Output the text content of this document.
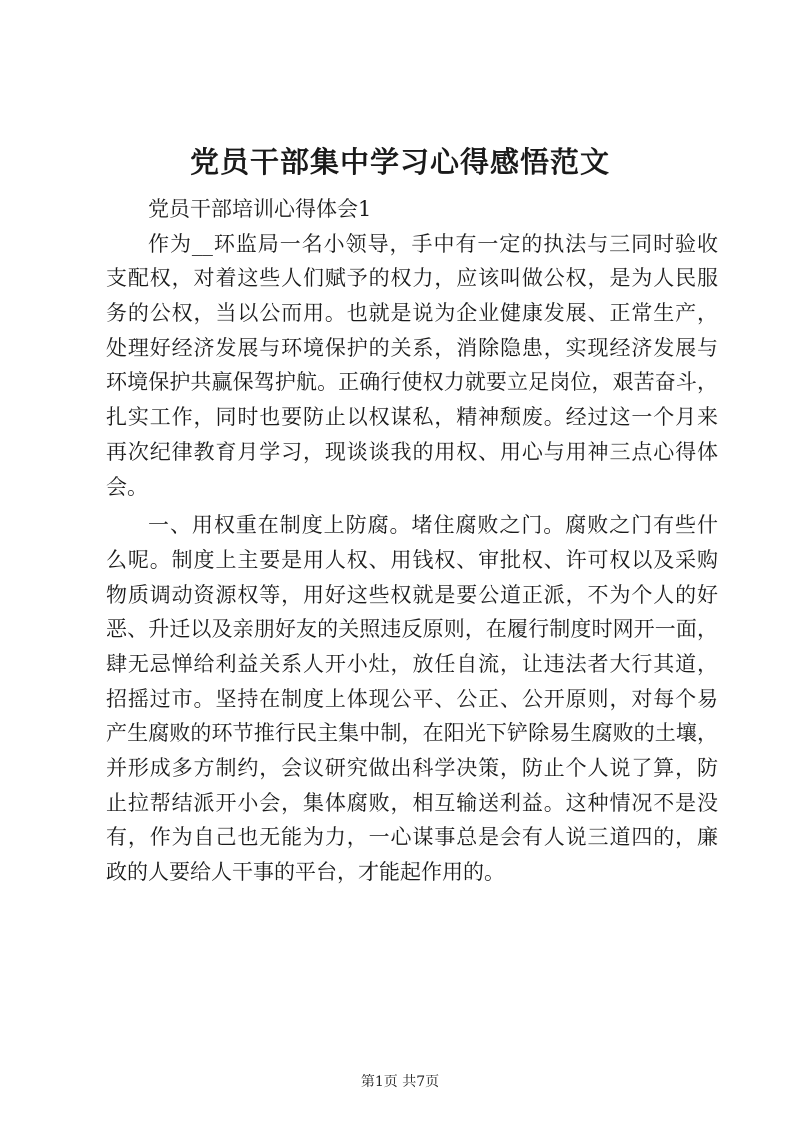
党员干部集中学习心得感悟范文
党员干部培训心得体会1
作为__环监局一名小领导，手中有一定的执法与三同时验收
支配权，对着这些人们赋予的权力，应该叫做公权，是为人民服
务的公权，当以公而用。也就是说为企业健康发展、正常生产，
处理好经济发展与环境保护的关系，消除隐患，实现经济发展与
环境保护共赢保驾护航。正确行使权力就要立足岗位，艰苦奋斗，
扎实工作，同时也要防止以权谋私，精神颓废。经过这一个月来
再次纪律教育月学习，现谈谈我的用权、用心与用神三点心得体
会。
一、用权重在制度上防腐。堵住腐败之门。腐败之门有些什
么呢。制度上主要是用人权、用钱权、审批权、许可权以及采购
物质调动资源权等，用好这些权就是要公道正派，不为个人的好
恶、升迁以及亲朋好友的关照违反原则，在履行制度时网开一面，
肆无忌惮给利益关系人开小灶，放任自流，让违法者大行其道，
招摇过市。坚持在制度上体现公平、公正、公开原则，对每个易
产生腐败的环节推行民主集中制，在阳光下铲除易生腐败的土壤，
并形成多方制约，会议研究做出科学决策，防止个人说了算，防
止拉帮结派开小会，集体腐败，相互输送利益。这种情况不是没
有，作为自己也无能为力，一心谋事总是会有人说三道四的，廉
政的人要给人干事的平台，才能起作用的。
第1页 共7页
